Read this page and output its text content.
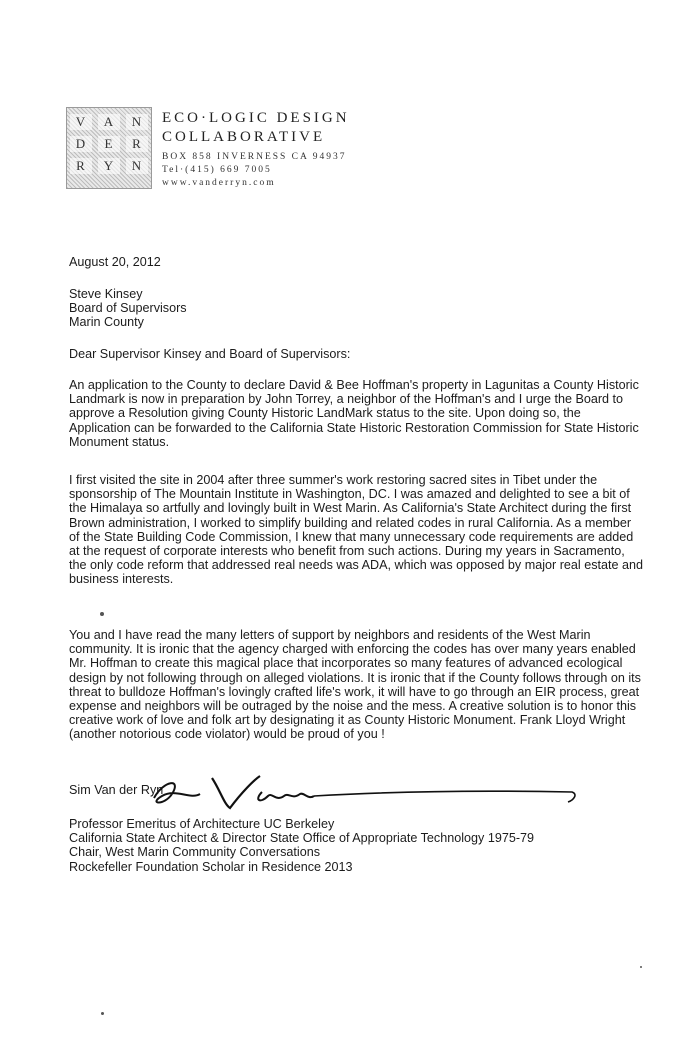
V	A	N
D	E	R
R	Y	N
ECO·LOGIC DESIGN
COLLABORATIVE
BOX 858 INVERNESS CA 94937
Tel·(415) 669 7005
www.vanderryn.com
August 20, 2012
Steve Kinsey
Board of Supervisors
Marin County
Dear Supervisor Kinsey and Board of Supervisors:

An application to the County to declare David & Bee Hoffman's property in Lagunitas a County Historic Landmark is now in preparation by John Torrey, a neighbor of the Hoffman's and I urge the Board to approve a Resolution giving County Historic LandMark status to the site. Upon doing so, the Application can be forwarded to the California State Historic Restoration Commission for State Historic Monument status.

I first visited the site in 2004 after three summer's work restoring sacred sites in Tibet under the sponsorship of The Mountain Institute in Washington, DC. I was amazed and delighted to see a bit of the Himalaya so artfully and lovingly built in West Marin. As California's State Architect during the first Brown administration, I worked to simplify building and related codes in rural California. As a member of the State Building Code Commission, I knew that many unnecessary code requirements are added at the request of corporate interests who benefit from such actions. During my years in Sacramento, the only code reform that addressed real needs was ADA, which was opposed by major real estate and business interests.

You and I have read the many letters of support by neighbors and residents of the West Marin community. It is ironic that the agency charged with enforcing the codes has over many years enabled Mr. Hoffman to create this magical place that incorporates so many features of advanced ecological design by not following through on alleged violations. It is ironic that if the County follows through on its threat to bulldoze Hoffman's lovingly crafted life's work, it will have to go through an EIR process, great expense and neighbors will be outraged by the noise and the mess. A creative solution is to honor this creative work of love and folk art by designating it as County Historic Monument. Frank Lloyd Wright (another notorious code violator) would be proud of you !

Sim Van der Ryn
Professor Emeritus of Architecture UC Berkeley
California State Architect & Director State Office of Appropriate Technology 1975-79
Chair, West Marin Community Conversations
Rockefeller Foundation Scholar in Residence 2013
